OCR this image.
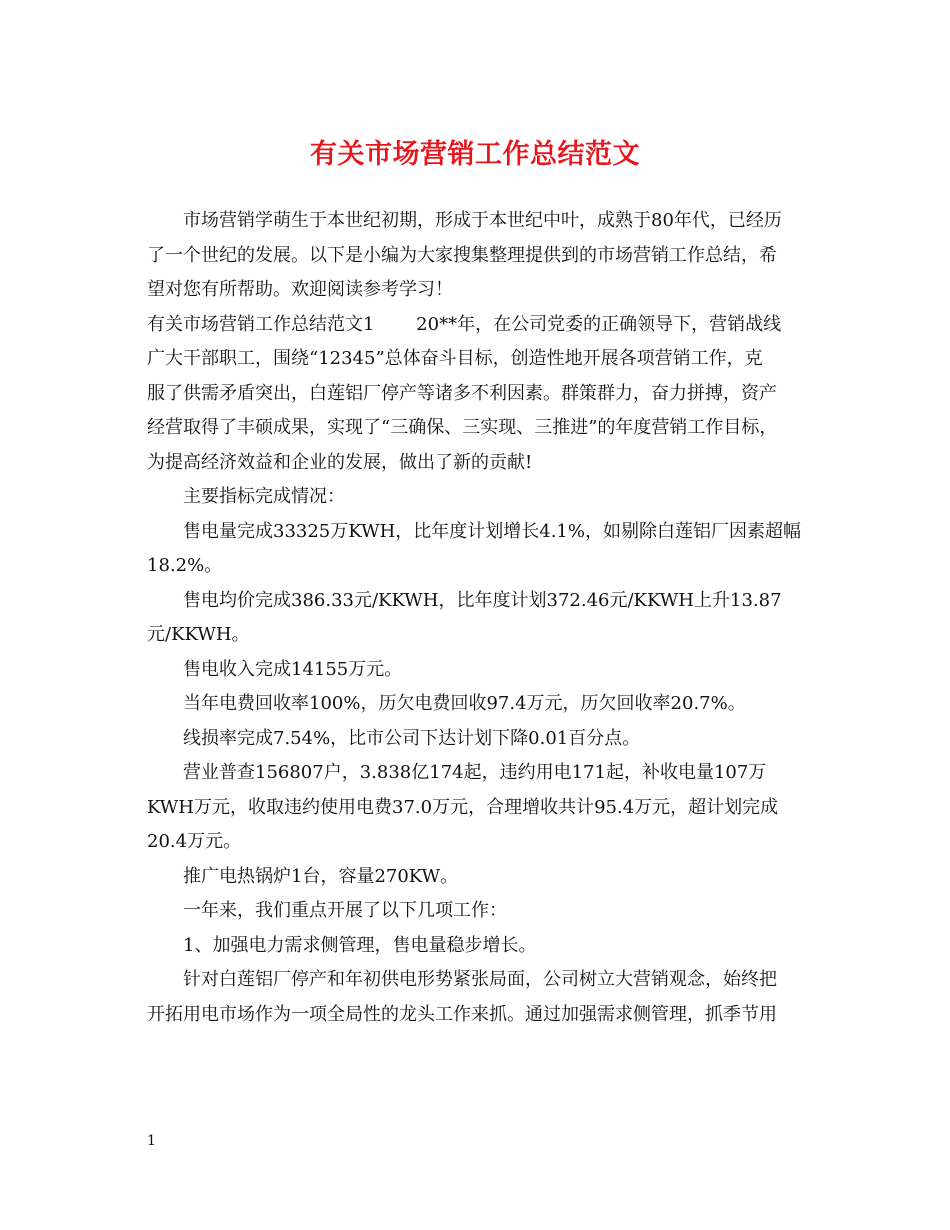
有关市场营销工作总结范文
市场营销学萌生于本世纪初期，形成于本世纪中叶，成熟于80年代，已经历
了一个世纪的发展。以下是小编为大家搜集整理提供到的市场营销工作总结，希
望对您有所帮助。欢迎阅读参考学习！
有关市场营销工作总结范文1　　 20**年，在公司党委的正确领导下，营销战线
广大干部职工，围绕“12345”总体奋斗目标，创造性地开展各项营销工作，克
服了供需矛盾突出，白莲铝厂停产等诸多不利因素。群策群力，奋力拼搏，资产
经营取得了丰硕成果，实现了“三确保、三实现、三推进”的年度营销工作目标，
为提高经济效益和企业的发展，做出了新的贡献!
主要指标完成情况：
售电量完成33325万KWH，比年度计划增长4.1%，如剔除白莲铝厂因素超幅
18.2%。
售电均价完成386.33元/KKWH，比年度计划372.46元/KKWH上升13.87
元/KKWH。
售电收入完成14155万元。
当年电费回收率100%，历欠电费回收97.4万元，历欠回收率20.7%。
线损率完成7.54%，比市公司下达计划下降0.01百分点。
营业普查156807户，3.838亿174起，违约用电171起，补收电量107万
KWH万元，收取违约使用电费37.0万元，合理增收共计95.4万元，超计划完成
20.4万元。
推广电热锅炉1台，容量270KW。
一年来，我们重点开展了以下几项工作：
1、加强电力需求侧管理，售电量稳步增长。
针对白莲铝厂停产和年初供电形势紧张局面，公司树立大营销观念，始终把
开拓用电市场作为一项全局性的龙头工作来抓。通过加强需求侧管理，抓季节用
1
